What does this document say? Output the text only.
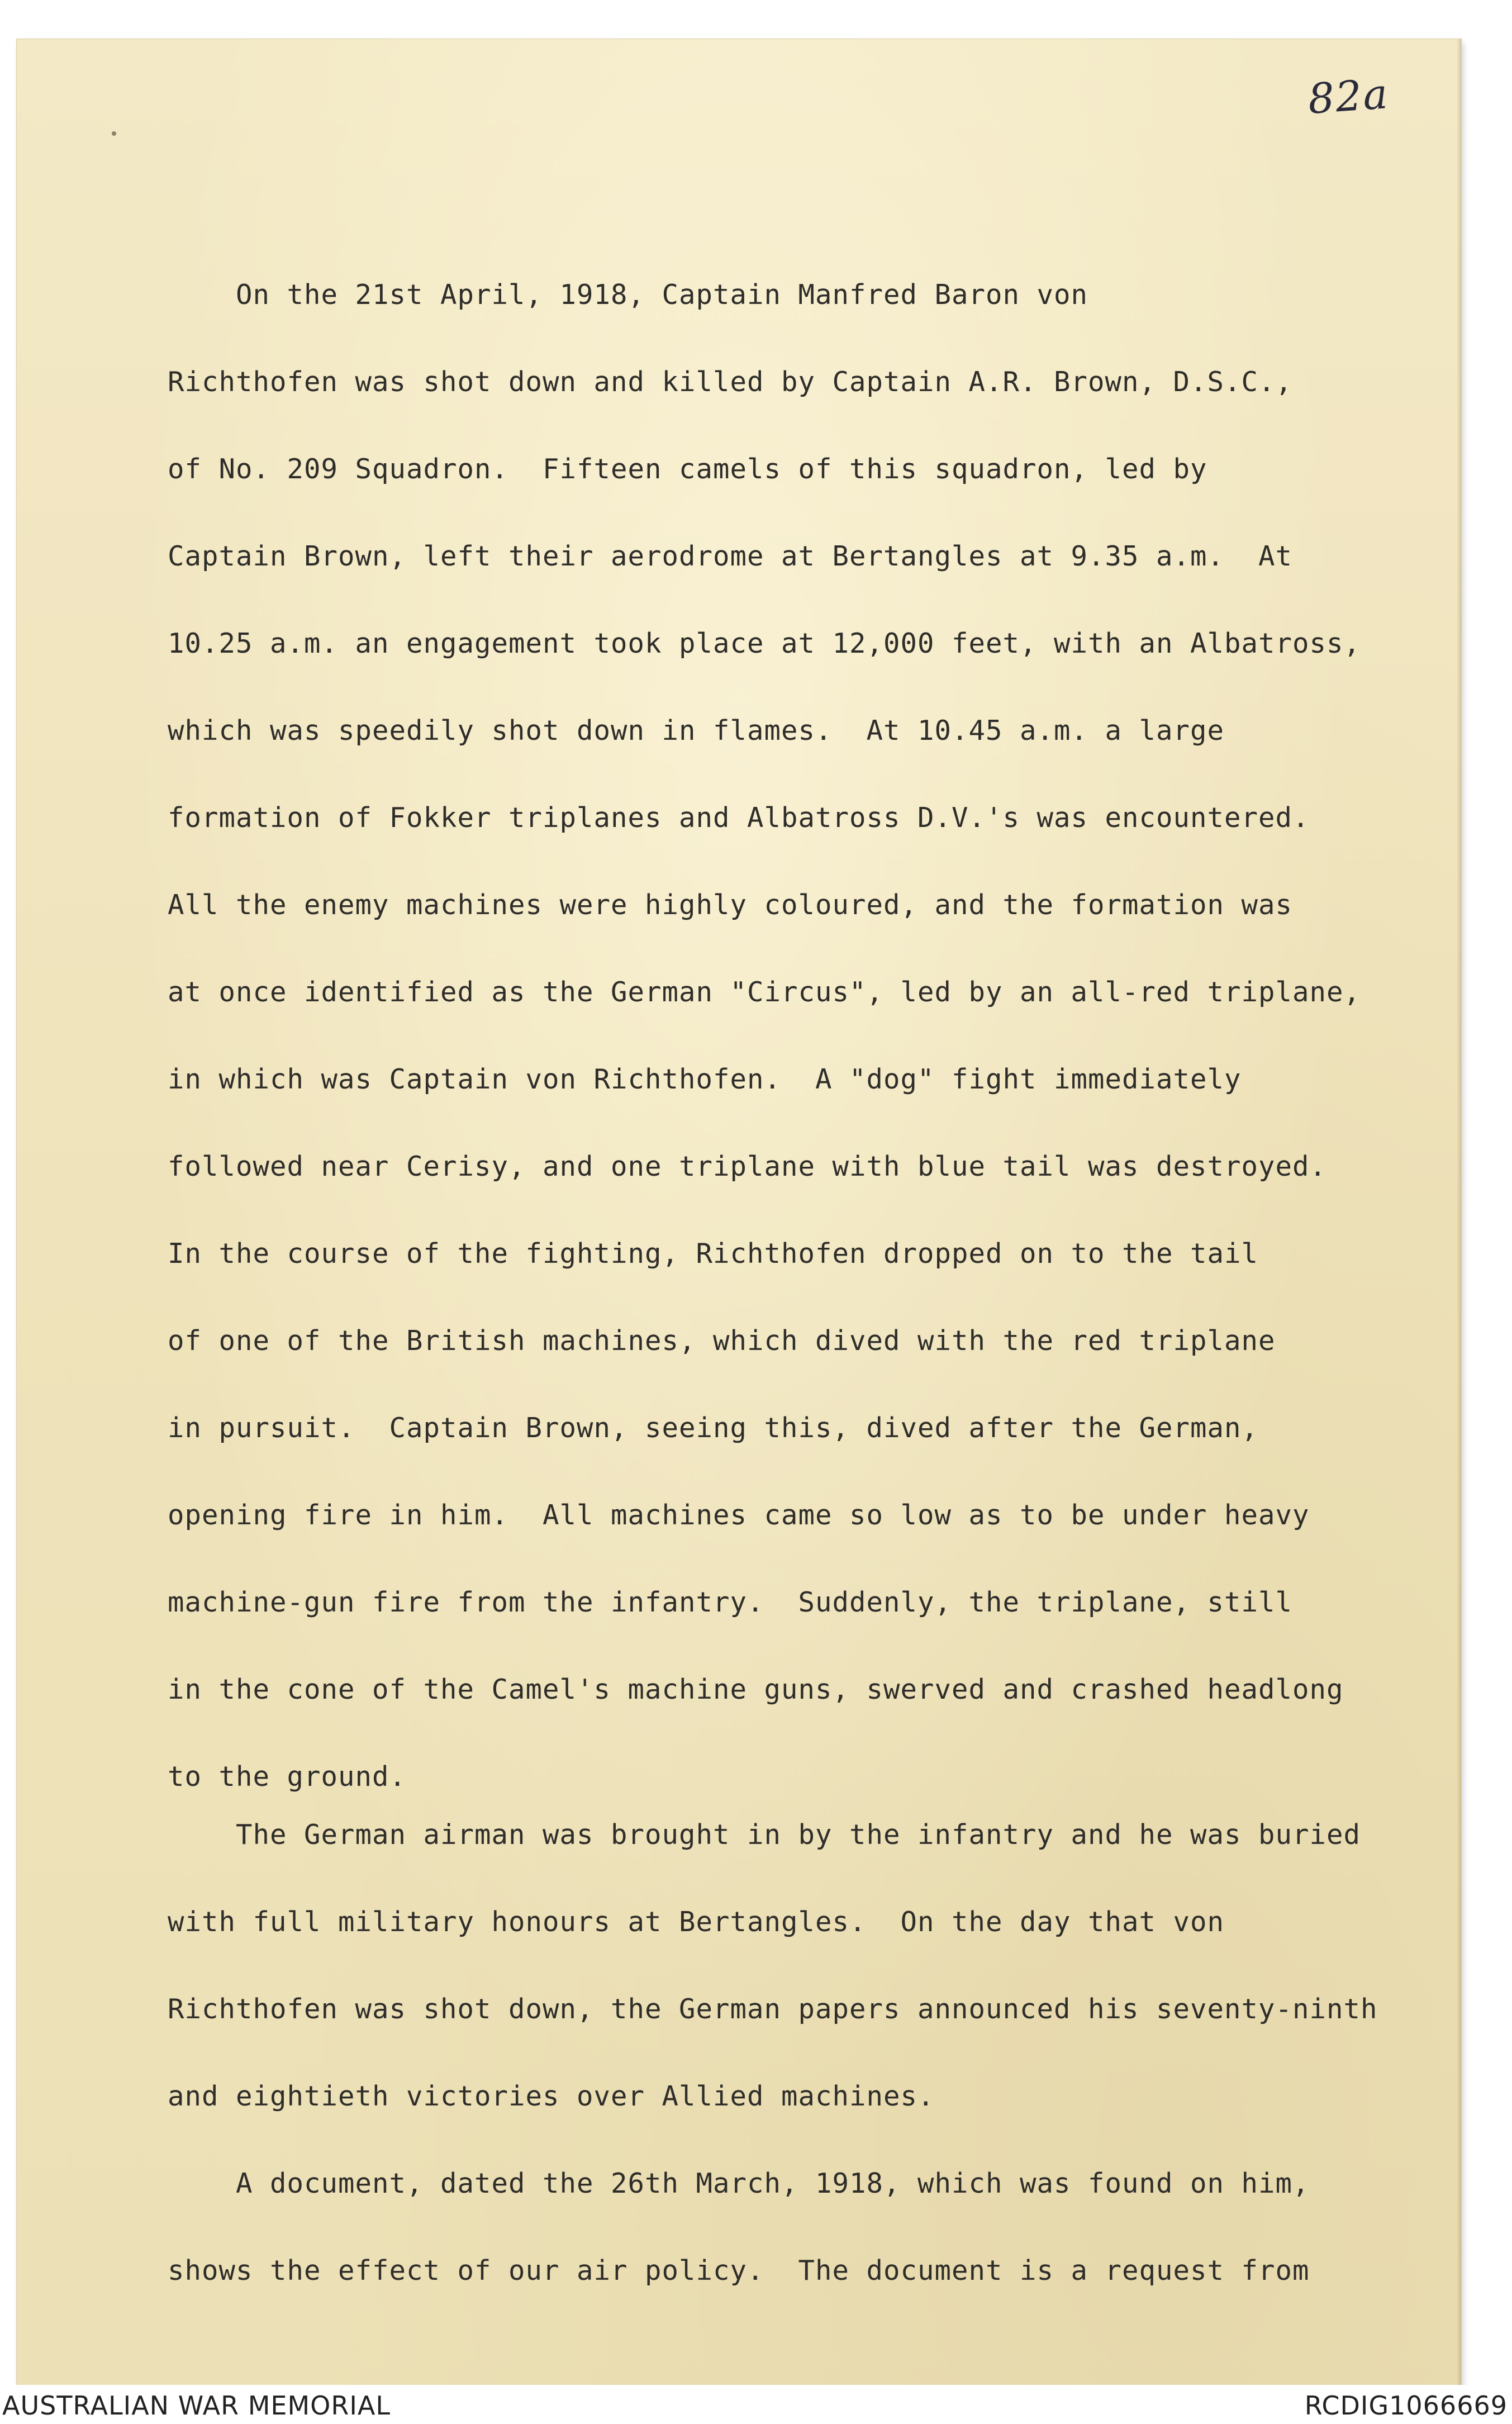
82a
On the 21st April, 1918, Captain Manfred Baron von
Richthofen was shot down and killed by Captain A.R. Brown, D.S.C.,
of No. 209 Squadron.  Fifteen camels of this squadron, led by
Captain Brown, left their aerodrome at Bertangles at 9.35 a.m.  At
10.25 a.m. an engagement took place at 12,000 feet, with an Albatross,
which was speedily shot down in flames.  At 10.45 a.m. a large
formation of Fokker triplanes and Albatross D.V.'s was encountered.
All the enemy machines were highly coloured, and the formation was
at once identified as the German "Circus", led by an all-red triplane,
in which was Captain von Richthofen.  A "dog" fight immediately
followed near Cerisy, and one triplane with blue tail was destroyed.
In the course of the fighting, Richthofen dropped on to the tail
of one of the British machines, which dived with the red triplane
in pursuit.  Captain Brown, seeing this, dived after the German,
opening fire in him.  All machines came so low as to be under heavy
machine-gun fire from the infantry.  Suddenly, the triplane, still
in the cone of the Camel's machine guns, swerved and crashed headlong
to the ground.
The German airman was brought in by the infantry and he was buried
with full military honours at Bertangles.  On the day that von
Richthofen was shot down, the German papers announced his seventy-ninth
and eightieth victories over Allied machines.
A document, dated the 26th March, 1918, which was found on him,
shows the effect of our air policy.  The document is a request from
AUSTRALIAN WAR MEMORIAL	RCDIG1066669
